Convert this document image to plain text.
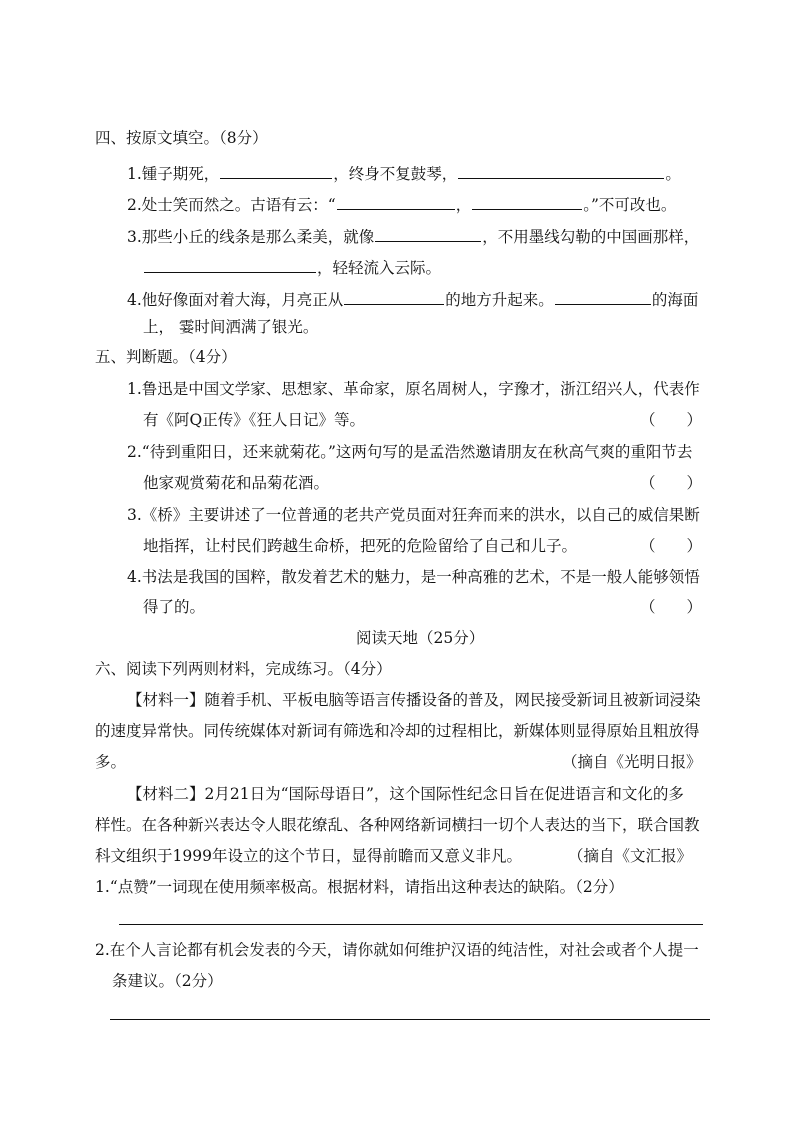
四、按原文填空。（8分）
1.锺子期死，	，终身不复鼓琴，	。
2.处士笑而然之。古语有云：“	，	。”不可改也。
3.那些小丘的线条是那么柔美，就像	，不用墨线勾勒的中国画那样，
，轻轻流入云际。
4.他好像面对着大海，月亮正从	的地方升起来。	的海面
上， 霎时间洒满了银光。
五、判断题。（4分）
1.鲁迅是中国文学家、思想家、革命家，原名周树人，字豫才，浙江绍兴人，代表作
有《阿Q正传》《狂人日记》等。	（　　）
2.“待到重阳日，还来就菊花。”这两句写的是孟浩然邀请朋友在秋高气爽的重阳节去
他家观赏菊花和品菊花酒。	（　　）
3.《桥》主要讲述了一位普通的老共产党员面对狂奔而来的洪水，以自己的威信果断
地指挥，让村民们跨越生命桥，把死的危险留给了自己和儿子。	（　　）
4.书法是我国的国粹，散发着艺术的魅力，是一种高雅的艺术，不是一般人能够领悟
得了的。	（　　）
阅读天地（25分）
六、阅读下列两则材料，完成练习。（4分）
【材料一】随着手机、平板电脑等语言传播设备的普及，网民接受新词且被新词浸染
的速度异常快。同传统媒体对新词有筛选和冷却的过程相比，新媒体则显得原始且粗放得
多。	（摘自《光明日报》
【材料二】2月21日为“国际母语日”，这个国际性纪念日旨在促进语言和文化的多
样性。在各种新兴表达令人眼花缭乱、各种网络新词横扫一切个人表达的当下，联合国教
科文组织于1999年设立的这个节日，显得前瞻而又意义非凡。	（摘自《文汇报》
1.“点赞”一词现在使用频率极高。根据材料，请指出这种表达的缺陷。（2分）
2.在个人言论都有机会发表的今天，请你就如何维护汉语的纯洁性，对社会或者个人提一
条建议。（2分）
